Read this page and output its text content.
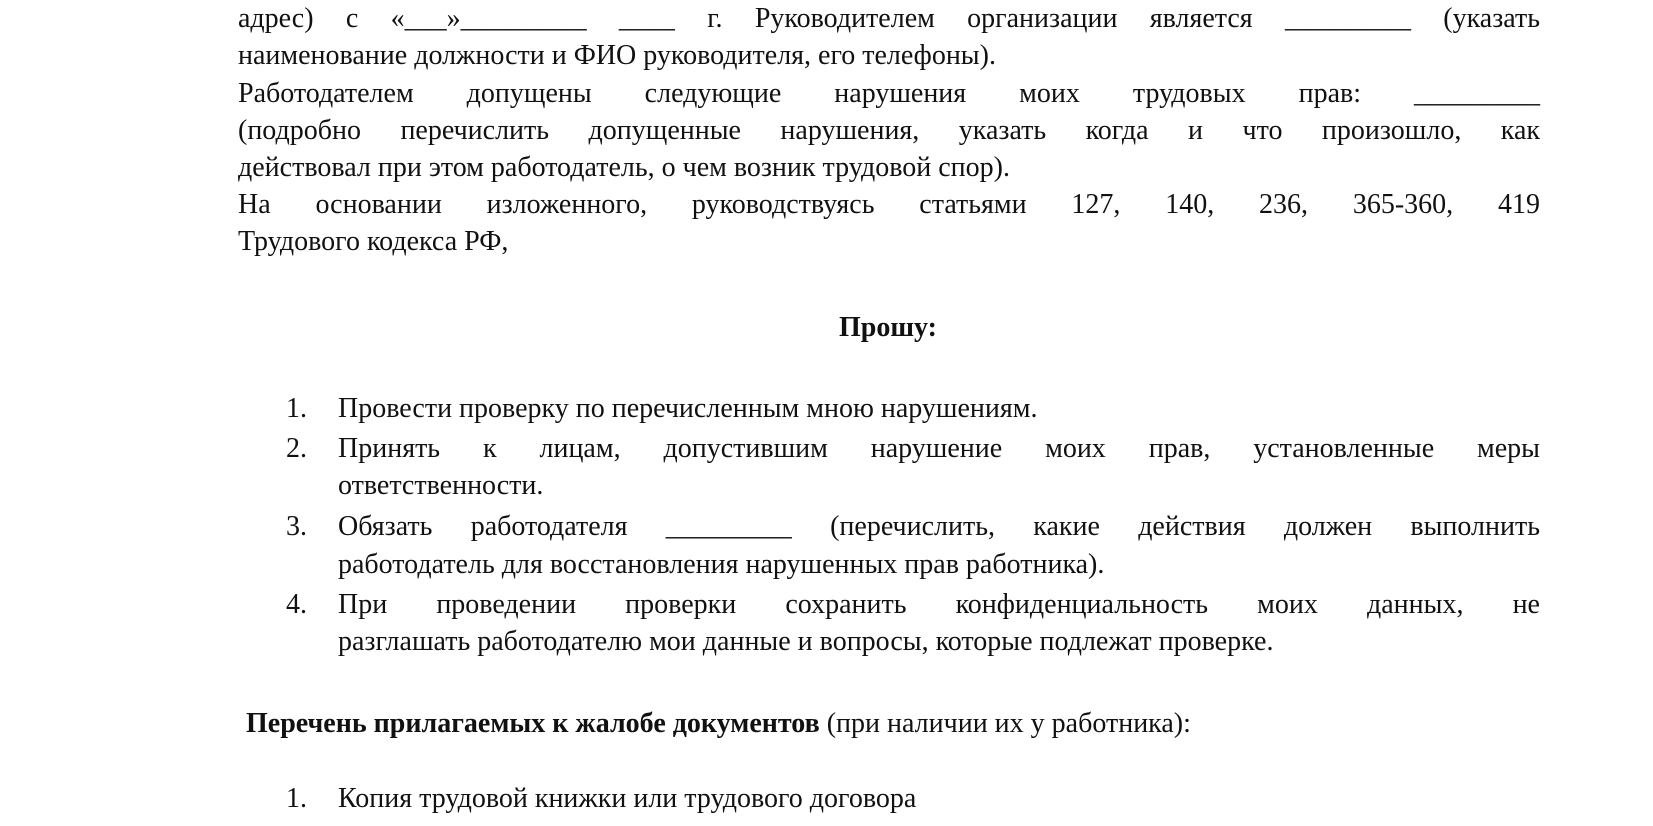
адрес) с «___»_________ ____ г. Руководителем организации является _________ (указать
наименование должности и ФИО руководителя, его телефоны).
Работодателем допущены следующие нарушения моих трудовых прав: _________
(подробно перечислить допущенные нарушения, указать когда и что произошло, как
действовал при этом работодатель, о чем возник трудовой спор).
На основании изложенного, руководствуясь статьями 127, 140, 236, 365-360, 419
Трудового кодекса РФ,
Прошу:
1.	Провести проверку по перечисленным мною нарушениям.
2.	Принять к лицам, допустившим нарушение моих прав, установленные меры
ответственности.
3.	Обязать работодателя _________ (перечислить, какие действия должен выполнить
работодатель для восстановления нарушенных прав работника).
4.	При проведении проверки сохранить конфиденциальность моих данных, не
разглашать работодателю мои данные и вопросы, которые подлежат проверке.
Перечень прилагаемых к жалобе документов (при наличии их у работника):
1.	Копия трудовой книжки или трудового договора
